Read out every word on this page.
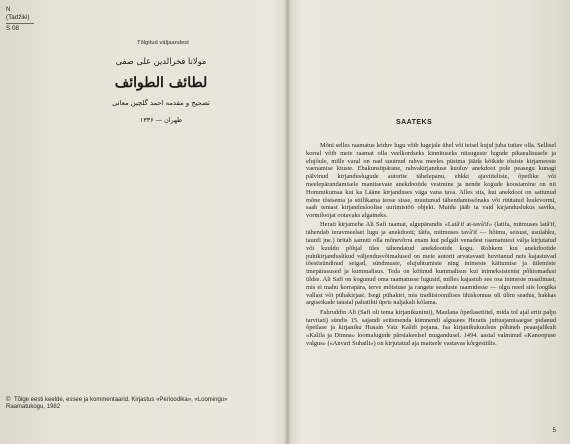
N (Tadžiki)
S 08
Tõlgitud väljaandest
مولانا فخرالدین علی صفی
لطائف الطوائف
تصحیح و مقدمه احمد گلچین معانی
طهران — ۱۳۳۶
© Tõlge eesti keelde, essee ja kommentaarid. Kirjastus «Perioodika», «Loomingu» Raamatukogu, 1982
SAATEKS

Mõni selles raamatus leiduv lugu võib lugejale ühel või teisel kujul juba tuttav olla. Sellisel korral võib meie raamat olla veelkordseks kinnituseks niisuguste lugude pikaealisusele ja elujõule, mille varal on nad suutnud rahva meeles püsima jääda kõikide tõsiste kirjameeste vaenamise kiuste. Ebakunstipärane, rahvakirjanduse kuuluv anekdoot pole peasegu kunagi pälvinud kirjanduslugude autorite tähelepanu, ehkki ajaviiteliste, õpetlike või meelepärandamisele manitsevate anekdootide vestmine ja nende kogude koostamine on nii Hommikumaa kui ka Lääne kirjanduses väga vana tava. Alles siis, kui anekdoot on sattunud mõne tõsisema ja stiilikama teose sisse, muutunud tähendamissõnaks või rüütatud luulevormi, saab temast kirjandusloolise uurimistöö objekt. Muidu jääb ta vaid kirjanduslukus saviks, vormiloojat ootavaks algaineks.

Herati kirjamehe Ali Safi raamat, algupärandis «Latâ'if at-tavâ'if» (latifa, mitmuses latâ'if, tähendab teravmeelset lugu ja anekdooti; tâifa, mitmuses tavâ'if — hõimu, seisust, usulahku, taunfi jne.) üritab samuti olla mõnevõrra enam kui pelgalt venadest raamatutest välja kirjutatud või kuuldu põhjal üles tähendatud anekdootide kogu. Rohkem kui anekdootide puhtkirjanduslikud väljendusvõimalused on meie autorit arvatavasti huvitanud neis kajastuvad tõestisündinud seigad, sündmuste, elujuhtumiste ning inimeste käitumise ja ütlemiste imepärasused ja kummalisus. Teda on köitnud kummalisus kui inimeksistentsi põhiomadusi üldse. Ali Safi on kogunud oma raamatusse lugusid, milles kajastub see osa inimeste maailmast, mis ei mahu korrapära, terve mõistuse ja rangete seaduste raamidesse — olgu need siis loogika vallast või pühakirjast. Isegi pühakiri, mis traditsioonilises ühiskonnas oli ülim seadus, hakkas argiseikade taustal pahatihti üpris naljakalt kõlama.

Fahruddin Ali (Safi oli tema kirjanikunimi), Maulana õpetlasetiitel, mida tol ajal eriti palju tarvitati) sündis 15. sajandi seitsmenda kümnendi algusees Heratis juttuajamisaegse pidanud õpetlase ja kirjaniku Husain Vaiz Kašifi pojana. Isa kirjanikukuulsus põhineb peaasjalikult «Kalila ja Dimna» loomalugude pärsiakeelsel mugandusel. 1494. aastal valminud «Kanoopuse valgus» («Anvari Suhaili») on kirjutatud aja maitsele vastavas kõrgestiilis.

5
